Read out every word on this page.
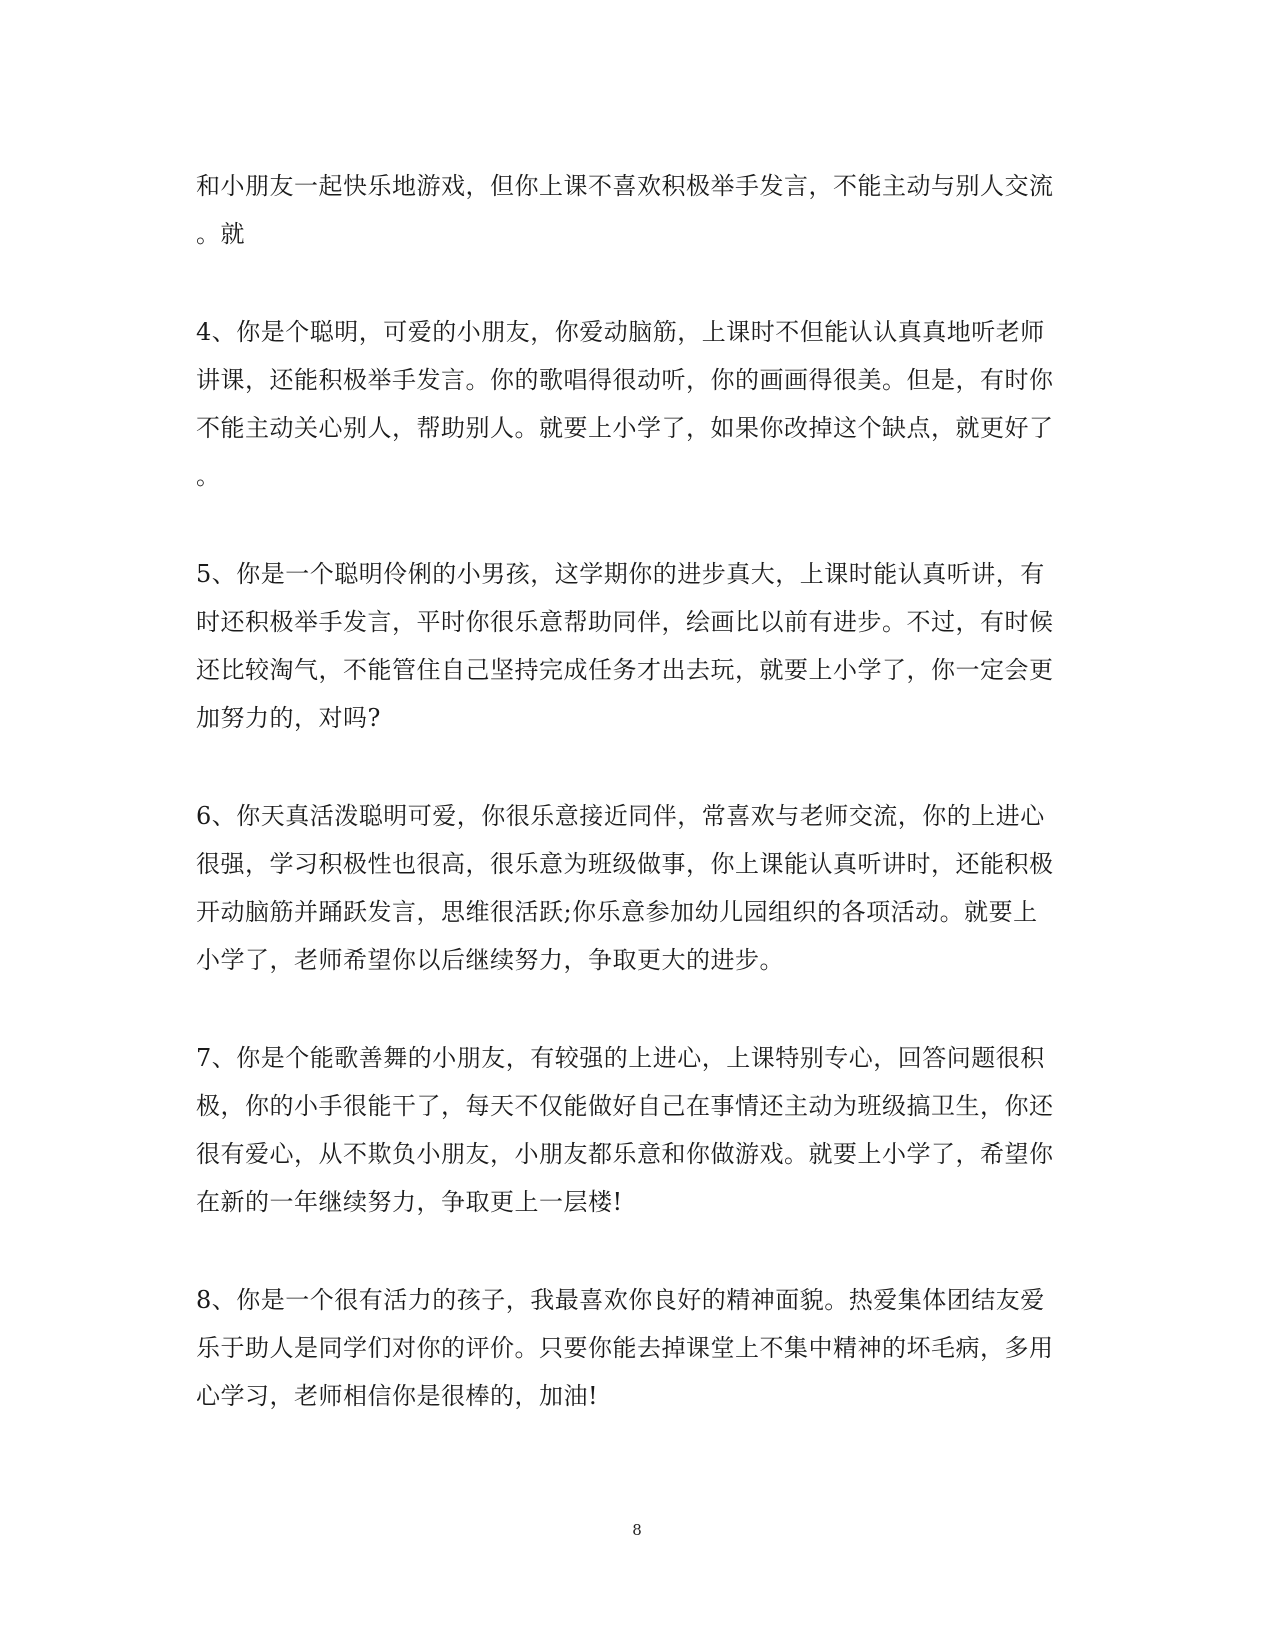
和小朋友一起快乐地游戏，但你上课不喜欢积极举手发言，不能主动与别人交流
。就

4、你是个聪明，可爱的小朋友，你爱动脑筋，上课时不但能认认真真地听老师
讲课，还能积极举手发言。你的歌唱得很动听，你的画画得很美。但是，有时你
不能主动关心别人，帮助别人。就要上小学了，如果你改掉这个缺点，就更好了
。

5、你是一个聪明伶俐的小男孩，这学期你的进步真大，上课时能认真听讲，有
时还积极举手发言，平时你很乐意帮助同伴，绘画比以前有进步。不过，有时候
还比较淘气，不能管住自己坚持完成任务才出去玩，就要上小学了，你一定会更
加努力的，对吗?

6、你天真活泼聪明可爱，你很乐意接近同伴，常喜欢与老师交流，你的上进心
很强，学习积极性也很高，很乐意为班级做事，你上课能认真听讲时，还能积极
开动脑筋并踊跃发言，思维很活跃;你乐意参加幼儿园组织的各项活动。就要上
小学了，老师希望你以后继续努力，争取更大的进步。

7、你是个能歌善舞的小朋友，有较强的上进心，上课特别专心，回答问题很积
极，你的小手很能干了，每天不仅能做好自己在事情还主动为班级搞卫生，你还
很有爱心，从不欺负小朋友，小朋友都乐意和你做游戏。就要上小学了，希望你
在新的一年继续努力，争取更上一层楼!

8、你是一个很有活力的孩子，我最喜欢你良好的精神面貌。热爱集体团结友爱
乐于助人是同学们对你的评价。只要你能去掉课堂上不集中精神的坏毛病，多用
心学习，老师相信你是很棒的，加油!

8
